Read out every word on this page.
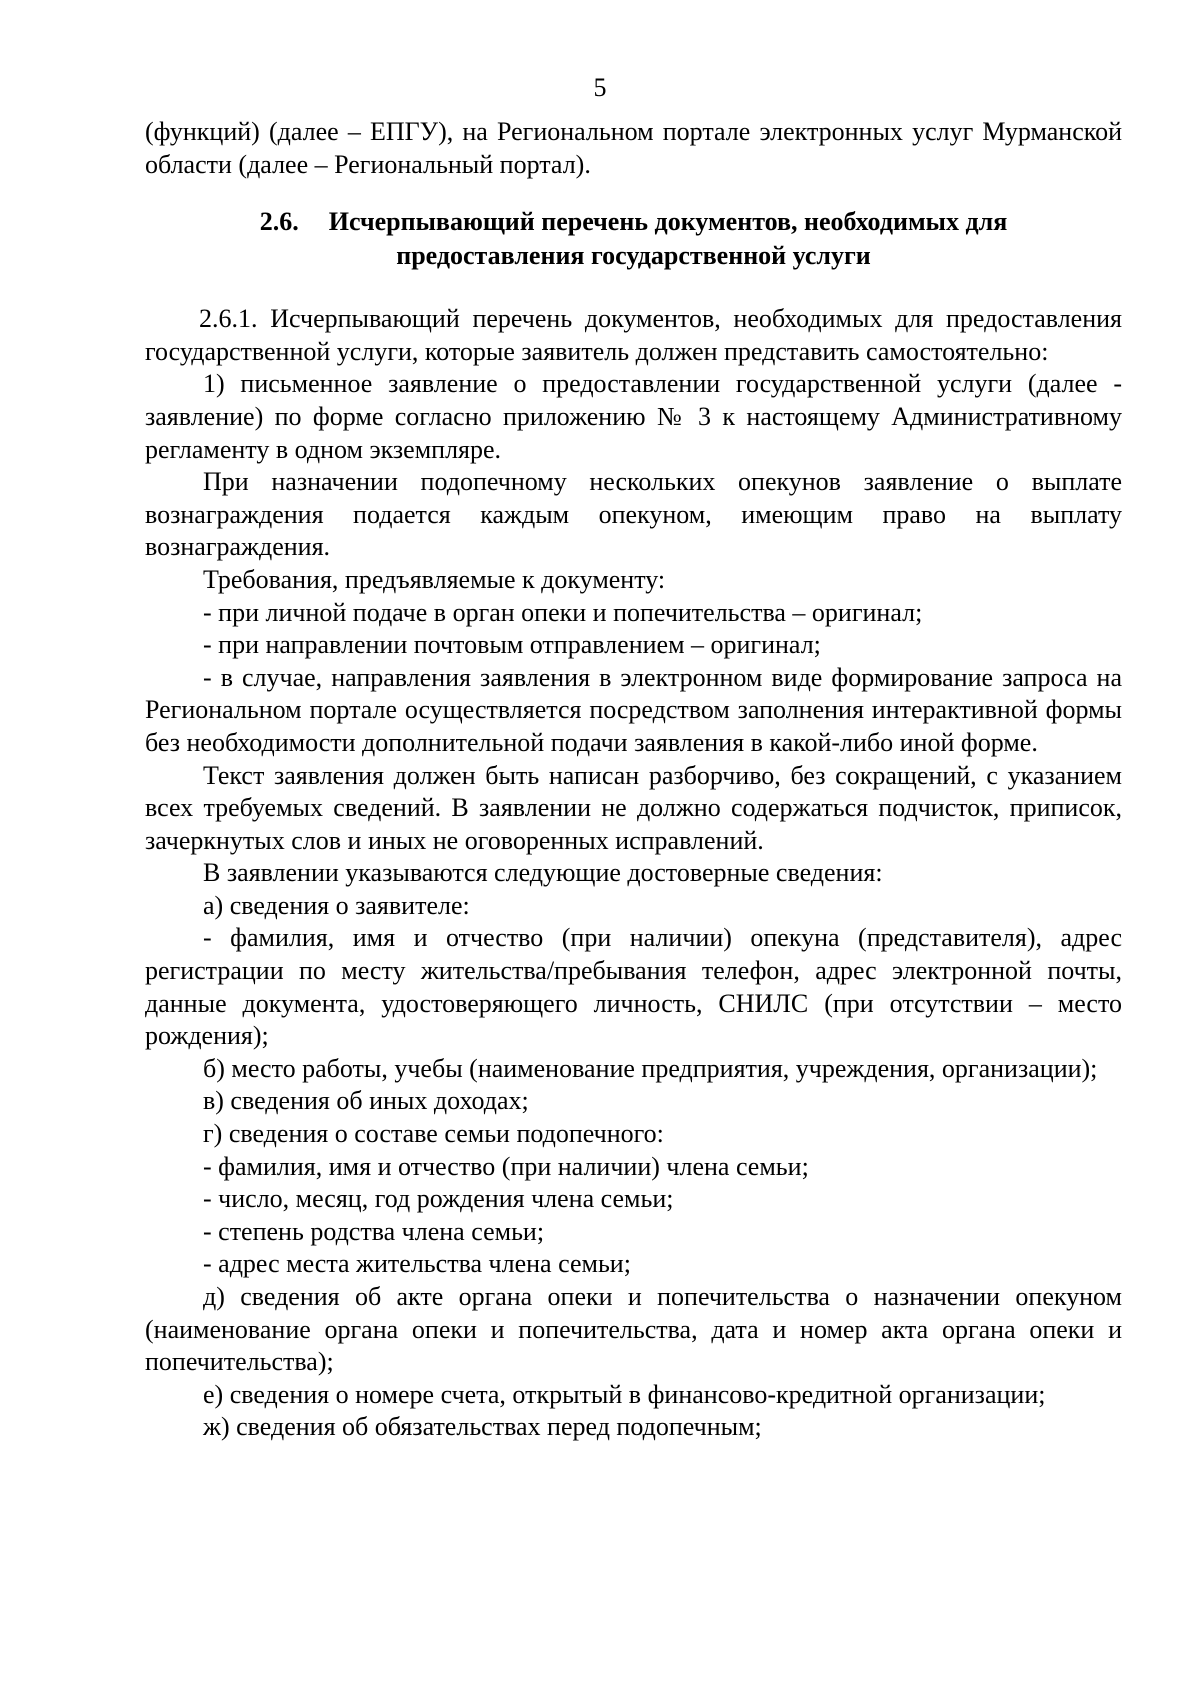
5

(функций) (далее – ЕПГУ), на Региональном портале электронных услуг Мурманской области (далее – Региональный портал).

2.6. Исчерпывающий перечень документов, необходимых для
предоставления государственной услуги

2.6.1. Исчерпывающий перечень документов, необходимых для предоставления государственной услуги, которые заявитель должен представить самостоятельно:

1) письменное заявление о предоставлении государственной услуги (далее - заявление) по форме согласно приложению № 3 к настоящему Административному регламенту в одном экземпляре.

При назначении подопечному нескольких опекунов заявление о выплате вознаграждения подается каждым опекуном, имеющим право на выплату вознаграждения.

Требования, предъявляемые к документу:

- при личной подаче в орган опеки и попечительства – оригинал;

- при направлении почтовым отправлением – оригинал;

- в случае, направления заявления в электронном виде формирование запроса на Региональном портале осуществляется посредством заполнения интерактивной формы без необходимости дополнительной подачи заявления в какой-либо иной форме.

Текст заявления должен быть написан разборчиво, без сокращений, с указанием всех требуемых сведений. В заявлении не должно содержаться подчисток, приписок, зачеркнутых слов и иных не оговоренных исправлений.

В заявлении указываются следующие достоверные сведения:

а) сведения о заявителе:

- фамилия, имя и отчество (при наличии) опекуна (представителя), адрес регистрации по месту жительства/пребывания телефон, адрес электронной почты, данные документа, удостоверяющего личность, СНИЛС (при отсутствии – место рождения);

б) место работы, учебы (наименование предприятия, учреждения, организации);

в) сведения об иных доходах;

г) сведения о составе семьи подопечного:

- фамилия, имя и отчество (при наличии) члена семьи;

- число, месяц, год рождения члена семьи;

- степень родства члена семьи;

- адрес места жительства члена семьи;

д) сведения об акте органа опеки и попечительства о назначении опекуном (наименование органа опеки и попечительства, дата и номер акта органа опеки и попечительства);

е) сведения о номере счета, открытый в финансово-кредитной организации;

ж) сведения об обязательствах перед подопечным;
